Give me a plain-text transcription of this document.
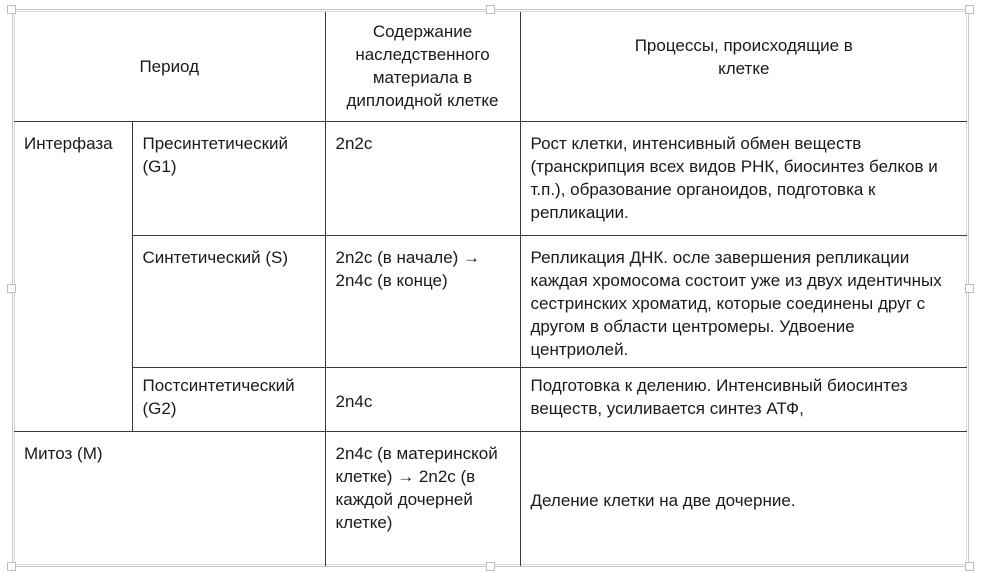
Период		Содержание наследственного материала в диплоидной клетке	Процессы, происходящие в клетке

Интерфаза	Пресинтетический (G1)	2n2c	Рост клетки, интенсивный обмен веществ (транскрипция всех видов РНК, биосинтез белков и т.п.), образование органоидов, подготовка к репликации.
	Синтетический (S)	2n2c (в начале) → 2n4c (в конце)	Репликация ДНК. осле завершения репликации каждая хромосома состоит уже из двух идентичных сестринских хроматид, которые соединены друг с другом в области центромеры. Удвоение центриолей.

	Постсинтетический (G2)	2n4c	Подготовка к делению. Интенсивный биосинтез веществ, усиливается синтез АТФ,
Митоз (М)		2n4c (в материнской клетке) → 2n2c (в каждой дочерней клетке)	Деление клетки на две дочерние.
